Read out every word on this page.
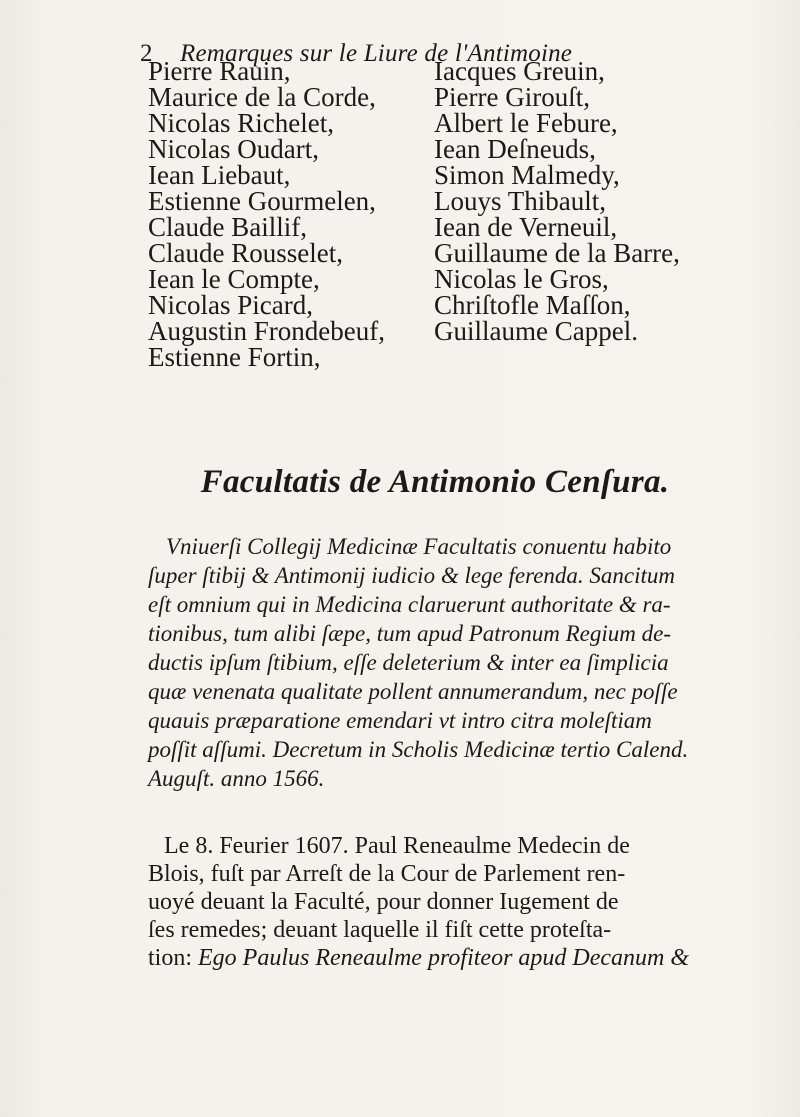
2 Remarques sur le Liure de l'Antimoine
Pierre Rauin,
Maurice de la Corde,
Nicolas Richelet,
Nicolas Oudart,
Iean Liebaut,
Estienne Gourmelen,
Claude Baillif,
Claude Rousselet,
Iean le Compte,
Nicolas Picard,
Augustin Frondebeuf,
Estienne Fortin,
Iacques Greuin,
Pierre Girouſt,
Albert le Febure,
Iean Deſneuds,
Simon Malmedy,
Louys Thibault,
Iean de Verneuil,
Guillaume de la Barre,
Nicolas le Gros,
Chriſtofle Maſſon,
Guillaume Cappel.
Facultatis de Antimonio Cenſura.
Vniuerſi Collegij Medicinæ Facultatis conuentu habito
ſuper ſtibij & Antimonij iudicio & lege ferenda. Sancitum
eſt omnium qui in Medicina claruerunt authoritate & ra-
tionibus, tum alibi ſæpe, tum apud Patronum Regium de-
ductis ipſum ſtibium, eſſe deleterium & inter ea ſimplicia
quæ venenata qualitate pollent annumerandum, nec poſſe
quauis præparatione emendari vt intro citra moleſtiam
poſſit aſſumi. Decretum in Scholis Medicinæ tertio Calend.
Auguſt. anno 1566.
Le 8. Feurier 1607. Paul Reneaulme Medecin de
Blois, fuſt par Arreſt de la Cour de Parlement ren-
uoyé deuant la Faculté, pour donner Iugement de
ſes remedes; deuant laquelle il fiſt cette proteſta-
tion: Ego Paulus Reneaulme profiteor apud Decanum &
